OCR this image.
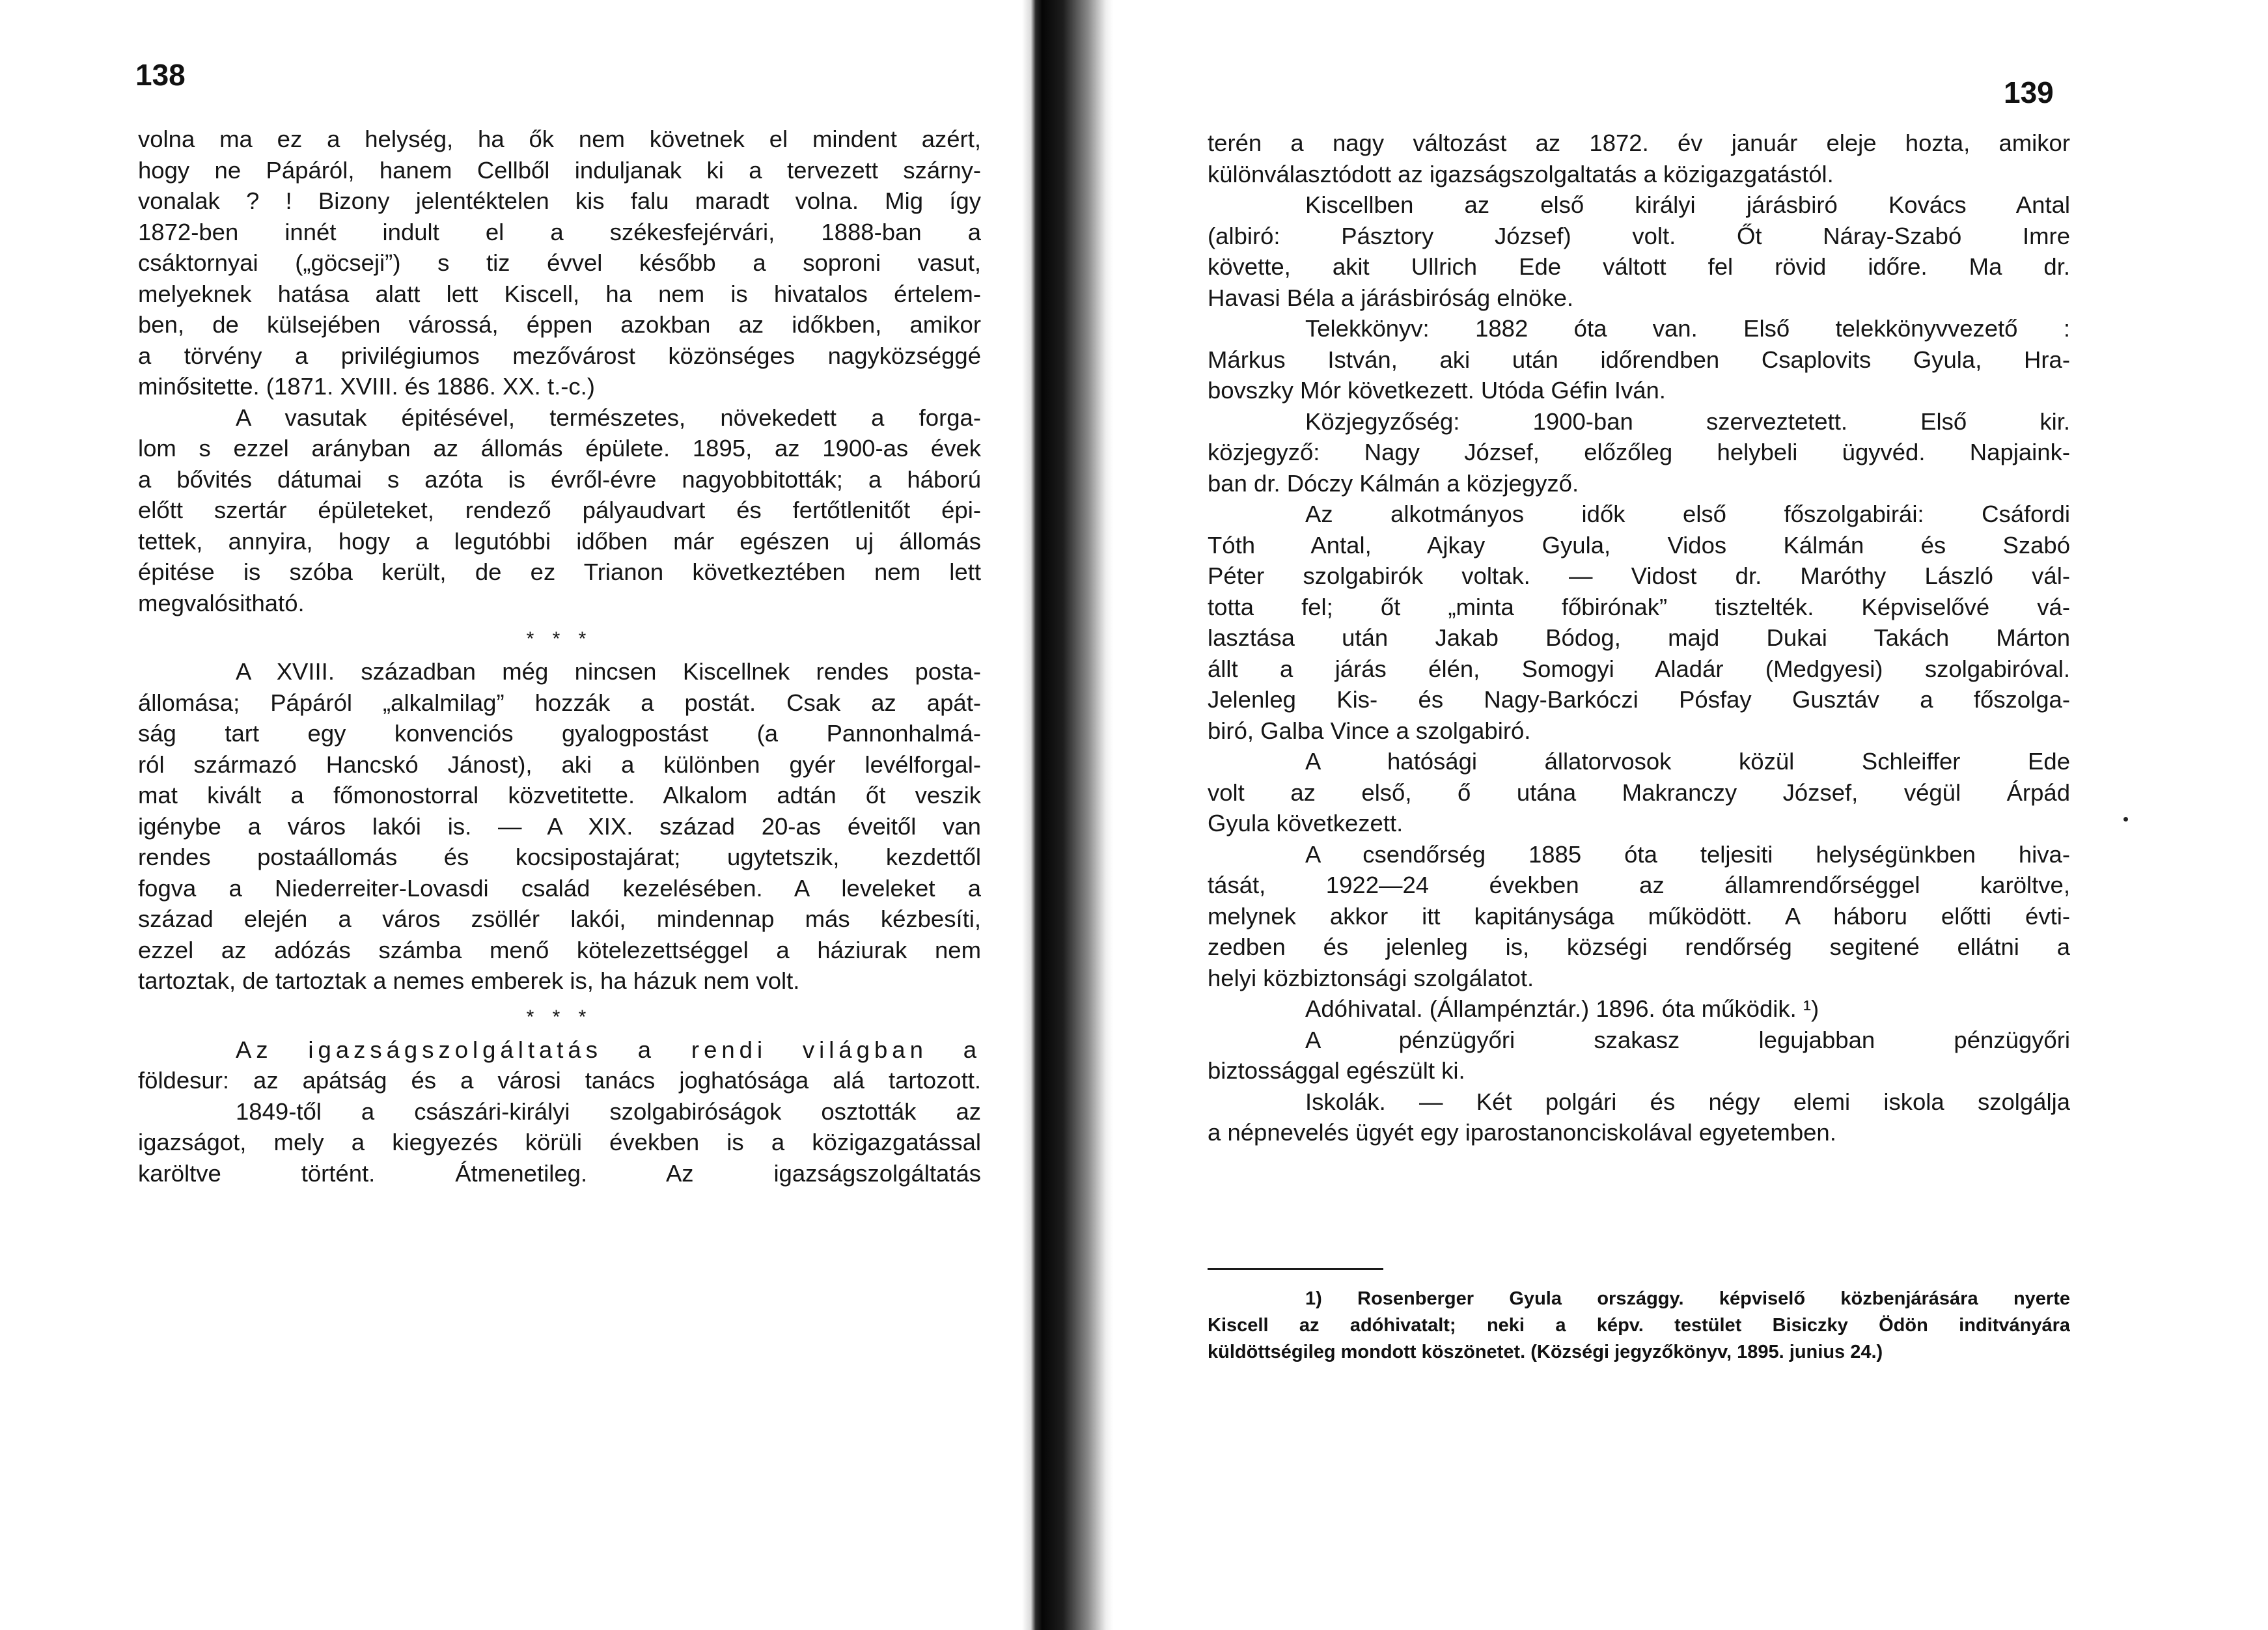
138
volna ma ez a helység, ha ők nem követnek el mindent azért,
hogy ne Pápáról, hanem Cellből induljanak ki a tervezett szárny-
vonalak ? ! Bizony jelentéktelen kis falu maradt volna. Mig így
1872-ben innét indult el a székesfejérvári, 1888-ban a
csáktornyai („göcseji”) s tiz évvel később a soproni vasut,
melyeknek hatása alatt lett Kiscell, ha nem is hivatalos értelem-
ben, de külsejében várossá, éppen azokban az időkben, amikor
a törvény a privilégiumos mezővárost közönséges nagyközséggé
minősitette. (1871. XVIII. és 1886. XX. t.-c.)
A vasutak épitésével, természetes, növekedett a forga-
lom s ezzel arányban az állomás épülete. 1895, az 1900-as évek
a bővités dátumai s azóta is évről-évre nagyobbitották; a háború
előtt szertár épületeket, rendező pályaudvart és fertőtlenitőt épi-
tettek, annyira, hogy a legutóbbi időben már egészen uj állomás
épitése is szóba került, de ez Trianon következtében nem lett
megvalósitható.
* * *
A XVIII. században még nincsen Kiscellnek rendes posta-
állomása; Pápáról „alkalmilag” hozzák a postát. Csak az apát-
ság tart egy konvenciós gyalogpostást (a Pannonhalmá-
ról származó Hancskó Jánost), aki a különben gyér levélforgal-
mat kivált a főmonostorral közvetitette. Alkalom adtán őt veszik
igénybe a város lakói is. — A XIX. század 20-as éveitől van
rendes postaállomás és kocsipostajárat; ugytetszik, kezdettől
fogva a Niederreiter-Lovasdi család kezelésében. A leveleket a
század elején a város zsöllér lakói, mindennap más kézbesíti,
ezzel az adózás számba menő kötelezettséggel a háziurak nem
tartoztak, de tartoztak a nemes emberek is, ha házuk nem volt.
* * *
Az igazságszolgáltatás a rendi világban a
földesur: az apátság és a városi tanács joghatósága alá tartozott.
1849-től a császári-királyi szolgabiróságok osztották az
igazságot, mely a kiegyezés körüli években is a közigazgatással
karöltve történt. Átmenetileg. Az igazságszolgáltatás
139
terén a nagy változást az 1872. év január eleje hozta, amikor
különválasztódott az igazságszolgaltatás a közigazgatástól.
Kiscellben az első királyi járásbiró Kovács Antal
(albiró: Pásztory József) volt. Őt Náray-Szabó Imre
követte, akit Ullrich Ede váltott fel rövid időre. Ma dr.
Havasi Béla a járásbiróság elnöke.
Telekkönyv: 1882 óta van. Első telekkönyvvezető :
Márkus István, aki után időrendben Csaplovits Gyula, Hra-
bovszky Mór következett. Utóda Géfin Iván.
Közjegyzőség: 1900-ban szerveztetett. Első kir.
közjegyző: Nagy József, előzőleg helybeli ügyvéd. Napjaink-
ban dr. Dóczy Kálmán a közjegyző.
Az alkotmányos idők első főszolgabirái: Csáfordi
Tóth Antal, Ajkay Gyula, Vidos Kálmán és Szabó
Péter szolgabirók voltak. — Vidost dr. Maróthy László vál-
totta fel; őt „minta főbirónak” tisztelték. Képviselővé vá-
lasztása után Jakab Bódog, majd Dukai Takách Márton
állt a járás élén, Somogyi Aladár (Medgyesi) szolgabiróval.
Jelenleg Kis- és Nagy-Barkóczi Pósfay Gusztáv a főszolga-
biró, Galba Vince a szolgabiró.
A hatósági állatorvosok közül Schleiffer Ede
volt az első, ő utána Makranczy József, végül Árpád
Gyula következett.
A csendőrség 1885 óta teljesiti helységünkben hiva-
tását, 1922—24 években az államrendőrséggel karöltve,
melynek akkor itt kapitánysága működött. A háboru előtti évti-
zedben és jelenleg is, községi rendőrség segitené ellátni a
helyi közbiztonsági szolgálatot.
Adóhivatal. (Állampénztár.) 1896. óta működik. ¹)
A pénzügyőri szakasz legujabban pénzügyőri
biztossággal egészült ki.
Iskolák. — Két polgári és négy elemi iskola szolgálja
a népnevelés ügyét egy iparostanonciskolával egyetemben.
1) Rosenberger Gyula országgy. képviselő közbenjárására nyerte
Kiscell az adóhivatalt; neki a képv. testület Bisiczky Ödön inditványára
küldöttségileg mondott köszönetet. (Községi jegyzőkönyv, 1895. junius 24.)
